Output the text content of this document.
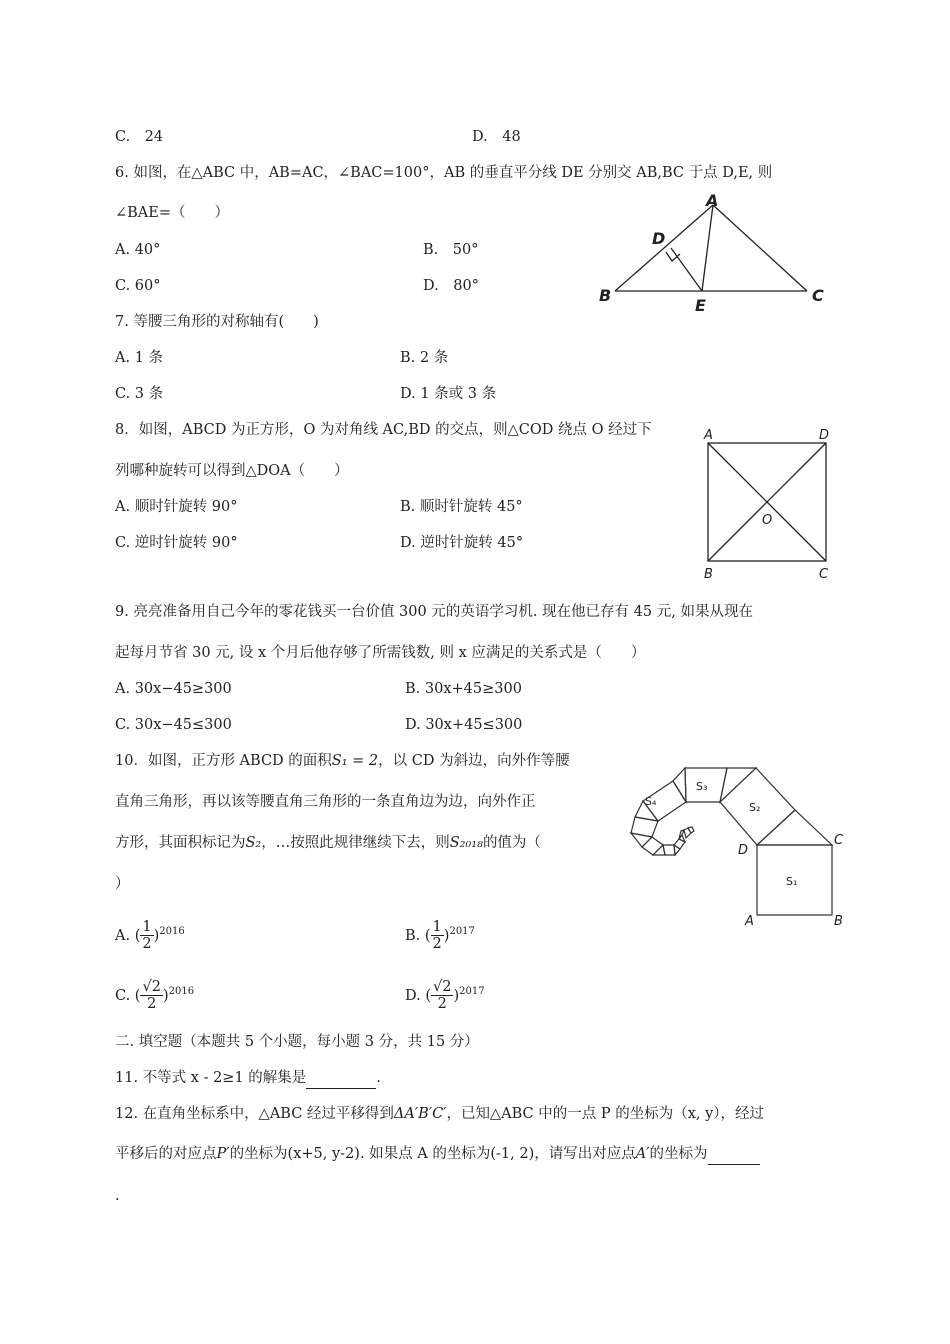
C.　24	D.　48
6. 如图，在△ABC 中，AB=AC，∠BAC=100°，AB 的垂直平分线 DE 分别交 AB,BC 于点 D,E, 则
∠BAE=（　　）
A. 40°	B.　50°
C. 60°	D.　80°
A
D
B
E
C
7. 等腰三角形的对称轴有(　　)
A. 1 条	B. 2 条
C. 3 条	D. 1 条或 3 条
8．如图，ABCD 为正方形，O 为对角线 AC,BD 的交点，则△COD 绕点 O 经过下
列哪种旋转可以得到△DOA（　　）
A. 顺时针旋转 90°	B. 顺时针旋转 45°
C. 逆时针旋转 90°	D. 逆时针旋转 45°
A	D
O
B	C
9. 亮亮准备用自己今年的零花钱买一台价值 300 元的英语学习机. 现在他已存有 45 元, 如果从现在
起每月节省 30 元, 设 x 个月后他存够了所需钱数, 则 x 应满足的关系式是（　　）
A. 30x−45≥300	B. 30x+45≥300
C. 30x−45≤300	D. 30x+45≤300
10．如图，正方形 ABCD 的面积S₁ = 2，以 CD 为斜边，向外作等腰
直角三角形，再以该等腰直角三角形的一条直角边为边，向外作正
方形，其面积标记为S₂，…按照此规律继续下去，则S₂₀₁₈的值为（
）
A. ( $\frac{1}{2} )^{2016}$	B. ( $\frac{1}{2} )^{2017}$
C. ( $\frac{√2}{2} )^{2016}$	D. ( $\frac{√2}{2} )^{2017}$
S₁
S₂
S₃
S₄
C
D
A	B
二. 填空题（本题共 5 个小题，每小题 3 分，共 15 分）
11. 不等式 x - 2≥1 的解集是	.
12. 在直角坐标系中，△ABC 经过平移得到ΔA′B′C′，已知△ABC 中的一点 P 的坐标为（x, y），经过
平移后的对应点P′的坐标为(x+5, y-2). 如果点 A 的坐标为(-1, 2)，请写出对应点A′的坐标为
.
